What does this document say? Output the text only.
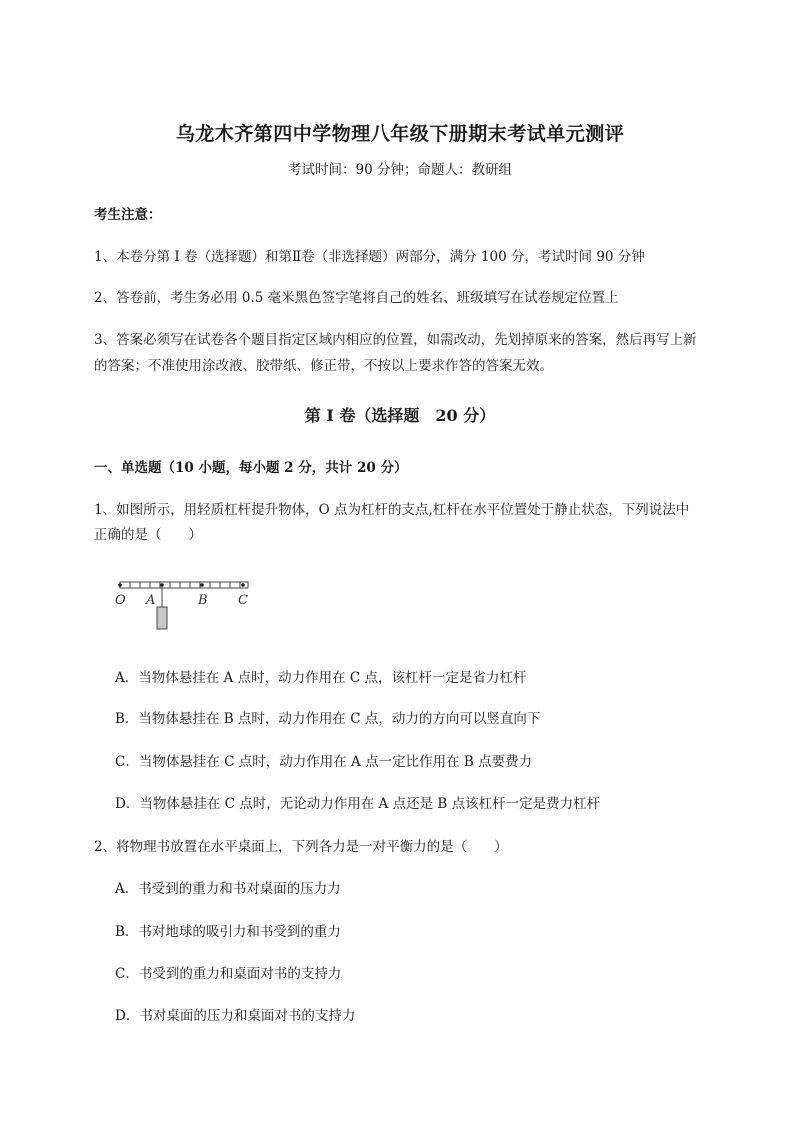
乌龙木齐第四中学物理八年级下册期末考试单元测评
考试时间：90 分钟；命题人：教研组
考生注意：
1、本卷分第 I 卷（选择题）和第Ⅱ卷（非选择题）两部分，满分 100 分，考试时间 90 分钟
2、答卷前，考生务必用 0.5 毫米黑色签字笔将自己的姓名、班级填写在试卷规定位置上
3、答案必须写在试卷各个题目指定区域内相应的位置，如需改动，先划掉原来的答案，然后再写上新
的答案；不准使用涂改液、胶带纸、修正带，不按以上要求作答的答案无效。
第 I 卷（选择题　20 分）
一、单选题（10 小题，每小题 2 分，共计 20 分）
1、如图所示，用轻质杠杆提升物体，O 点为杠杆的支点,杠杆在水平位置处于静止状态，下列说法中
正确的是（　　）
O A	B C
A．当物体悬挂在 A 点时，动力作用在 C 点，该杠杆一定是省力杠杆
B．当物体悬挂在 B 点时，动力作用在 C 点，动力的方向可以竖直向下
C．当物体悬挂在 C 点时，动力作用在 A 点一定比作用在 B 点要费力
D．当物体悬挂在 C 点时，无论动力作用在 A 点还是 B 点该杠杆一定是费力杠杆
2、将物理书放置在水平桌面上，下列各力是一对平衡力的是（　　）
A．书受到的重力和书对桌面的压力力
B．书对地球的吸引力和书受到的重力
C．书受到的重力和桌面对书的支持力
D．书对桌面的压力和桌面对书的支持力
